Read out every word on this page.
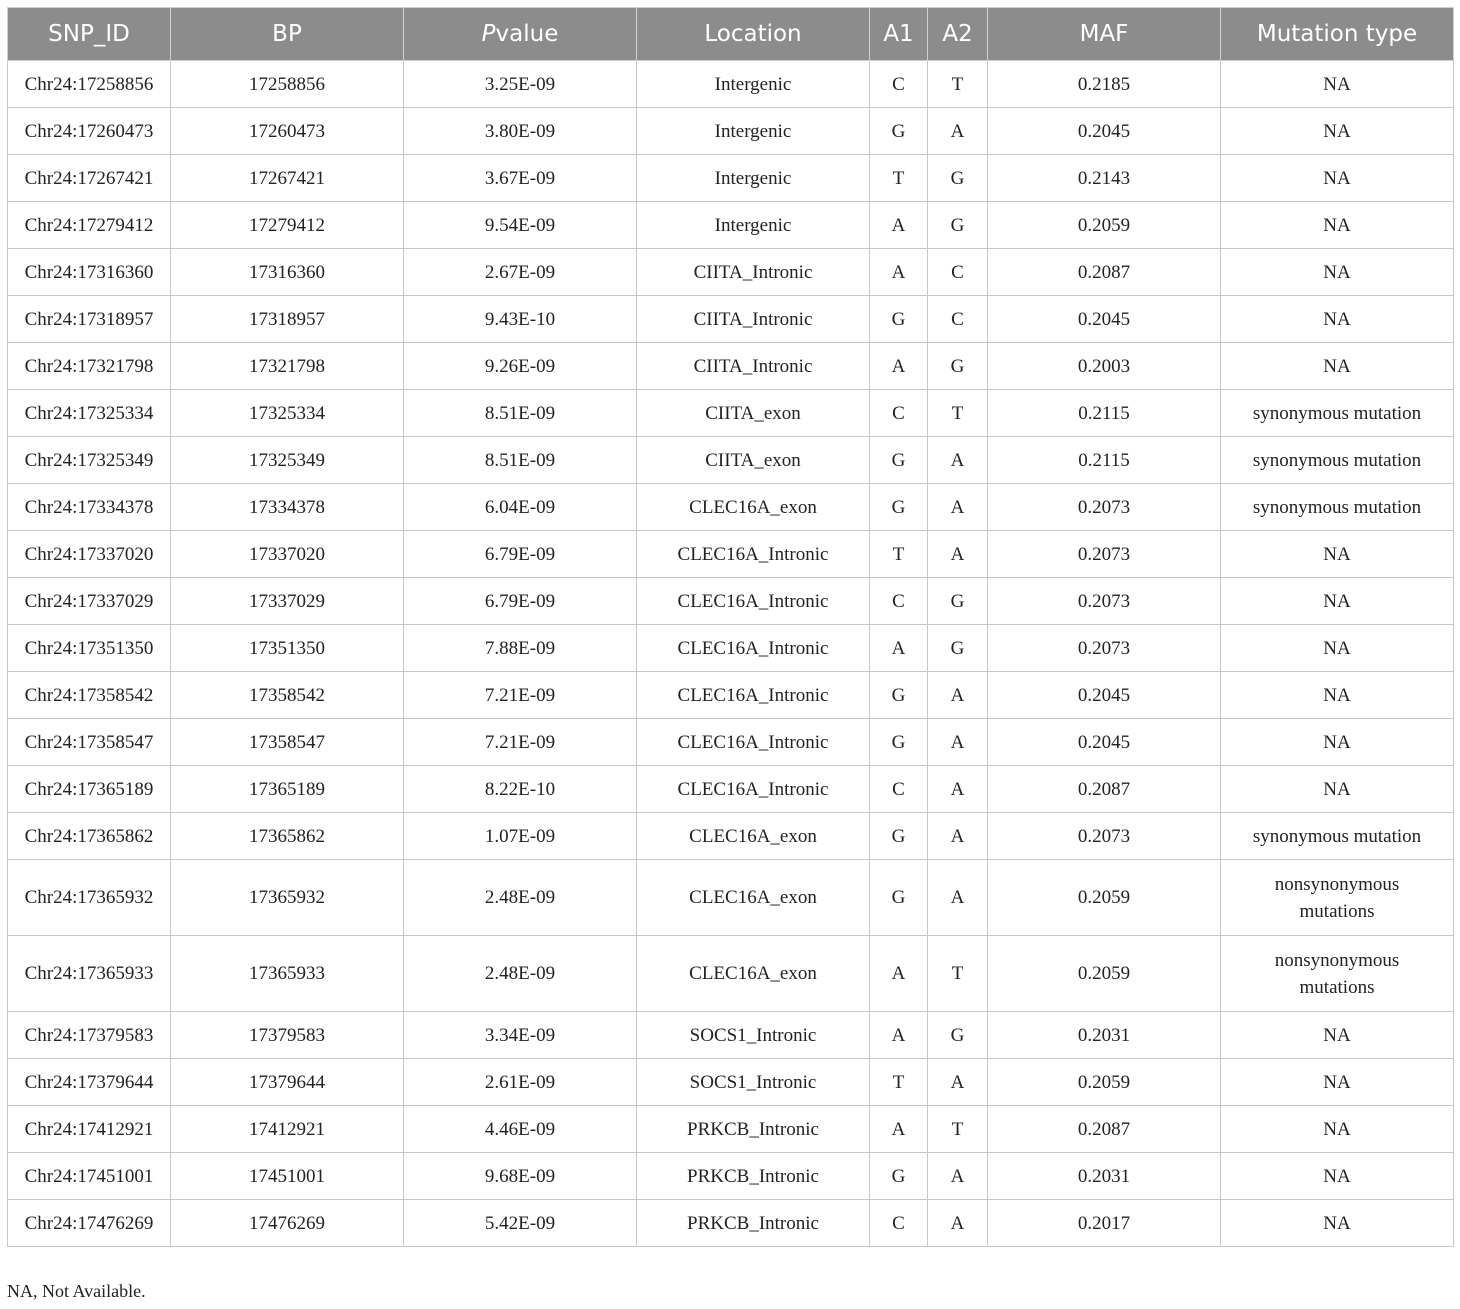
SNP_ID	BP	Pvalue	Location	A1	A2	MAF	Mutation type
Chr24:17258856	17258856	3.25E-09	Intergenic	C	T	0.2185	NA
Chr24:17260473	17260473	3.80E-09	Intergenic	G	A	0.2045	NA
Chr24:17267421	17267421	3.67E-09	Intergenic	T	G	0.2143	NA
Chr24:17279412	17279412	9.54E-09	Intergenic	A	G	0.2059	NA
Chr24:17316360	17316360	2.67E-09	CIITA_Intronic	A	C	0.2087	NA
Chr24:17318957	17318957	9.43E-10	CIITA_Intronic	G	C	0.2045	NA
Chr24:17321798	17321798	9.26E-09	CIITA_Intronic	A	G	0.2003	NA
Chr24:17325334	17325334	8.51E-09	CIITA_exon	C	T	0.2115	synonymous mutation
Chr24:17325349	17325349	8.51E-09	CIITA_exon	G	A	0.2115	synonymous mutation
Chr24:17334378	17334378	6.04E-09	CLEC16A_exon	G	A	0.2073	synonymous mutation
Chr24:17337020	17337020	6.79E-09	CLEC16A_Intronic	T	A	0.2073	NA
Chr24:17337029	17337029	6.79E-09	CLEC16A_Intronic	C	G	0.2073	NA
Chr24:17351350	17351350	7.88E-09	CLEC16A_Intronic	A	G	0.2073	NA
Chr24:17358542	17358542	7.21E-09	CLEC16A_Intronic	G	A	0.2045	NA
Chr24:17358547	17358547	7.21E-09	CLEC16A_Intronic	G	A	0.2045	NA
Chr24:17365189	17365189	8.22E-10	CLEC16A_Intronic	C	A	0.2087	NA
Chr24:17365862	17365862	1.07E-09	CLEC16A_exon	G	A	0.2073	synonymous mutation
Chr24:17365932	17365932	2.48E-09	CLEC16A_exon	G	A	0.2059	nonsynonymous mutations
Chr24:17365933	17365933	2.48E-09	CLEC16A_exon	A	T	0.2059	nonsynonymous mutations
Chr24:17379583	17379583	3.34E-09	SOCS1_Intronic	A	G	0.2031	NA
Chr24:17379644	17379644	2.61E-09	SOCS1_Intronic	T	A	0.2059	NA
Chr24:17412921	17412921	4.46E-09	PRKCB_Intronic	A	T	0.2087	NA
Chr24:17451001	17451001	9.68E-09	PRKCB_Intronic	G	A	0.2031	NA
Chr24:17476269	17476269	5.42E-09	PRKCB_Intronic	C	A	0.2017	NA
NA, Not Available.
